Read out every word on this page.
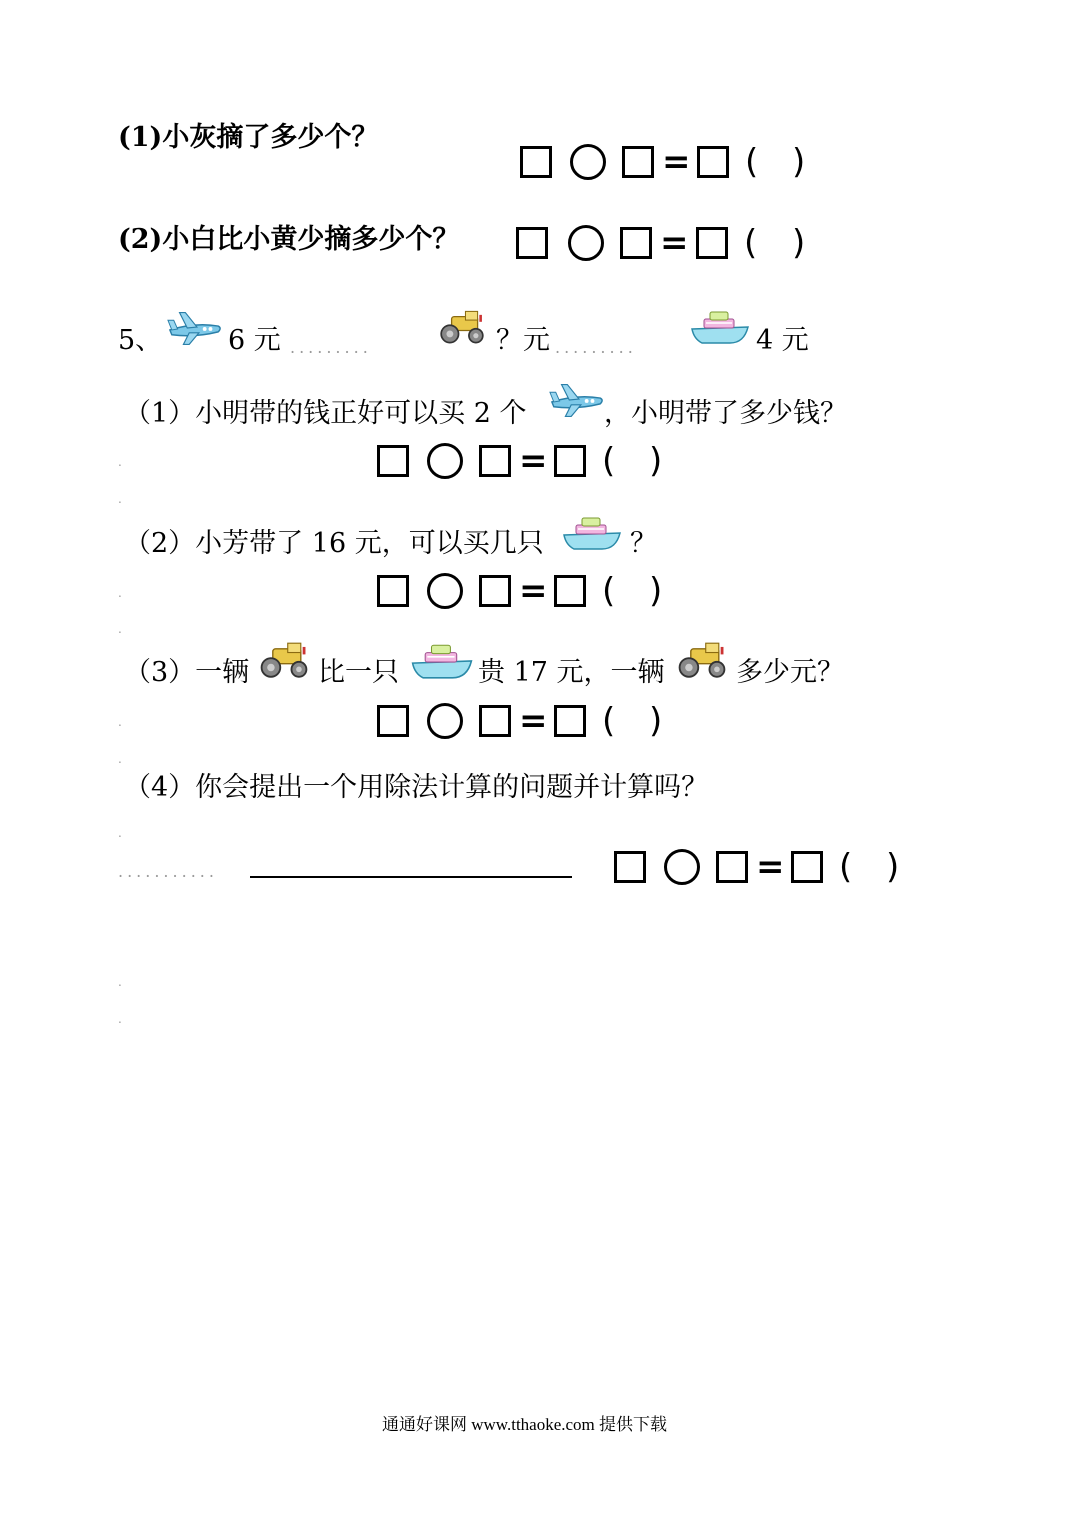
(1)小灰摘了多少个？
= ( )
(2)小白比小黄少摘多少个？	= ( )
5、 6 元 .........	？元 .........	4 元
（1）小明带的钱正好可以买 2 个	，小明带了多少钱？
= ( )
.
.
（2）小芳带了 16 元，可以买几只	？
= ( )
.
.
（3）一辆	比一只	贵 17 元，一辆	多少元？
= ( )
.
.
（4）你会提出一个用除法计算的问题并计算吗？
.
...........	= ( )
.
.
通通好课网 www.tthaoke.com 提供下载
